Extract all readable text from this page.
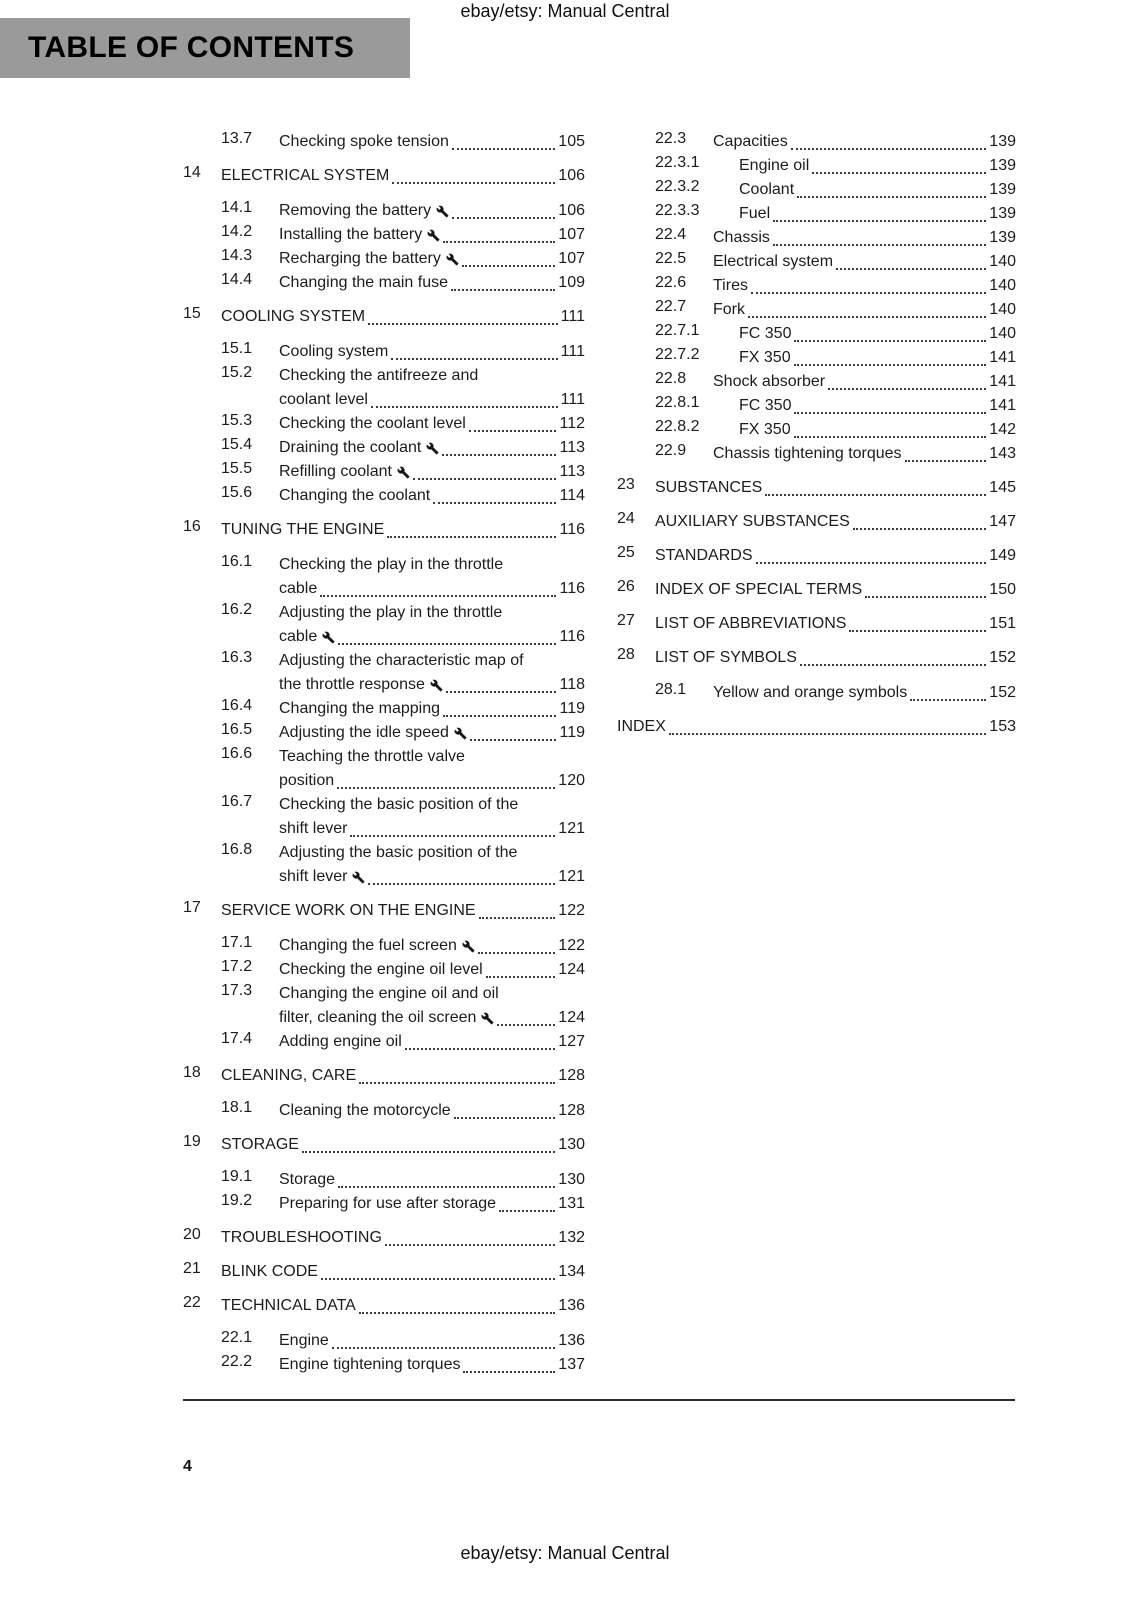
ebay/etsy: Manual Central
TABLE OF CONTENTS
13.7	Checking spoke tension	105
14	ELECTRICAL SYSTEM	106
14.1	Removing the battery	106
14.2	Installing the battery	107
14.3	Recharging the battery	107
14.4	Changing the main fuse	109
15	COOLING SYSTEM	111
15.1	Cooling system	111
15.2	Checking the antifreeze and
coolant level	111
15.3	Checking the coolant level	112
15.4	Draining the coolant	113
15.5	Refilling coolant	113
15.6	Changing the coolant	114
16	TUNING THE ENGINE	116
16.1	Checking the play in the throttle
cable	116
16.2	Adjusting the play in the throttle
cable	116
16.3	Adjusting the characteristic map of
the throttle response	118
16.4	Changing the mapping	119
16.5	Adjusting the idle speed	119
16.6	Teaching the throttle valve
position	120
16.7	Checking the basic position of the
shift lever	121
16.8	Adjusting the basic position of the
shift lever	121
17	SERVICE WORK ON THE ENGINE	122
17.1	Changing the fuel screen	122
17.2	Checking the engine oil level	124
17.3	Changing the engine oil and oil
filter, cleaning the oil screen	124
17.4	Adding engine oil	127
18	CLEANING, CARE	128
18.1	Cleaning the motorcycle	128
19	STORAGE	130
19.1	Storage	130
19.2	Preparing for use after storage	131
20	TROUBLESHOOTING	132
21	BLINK CODE	134
22	TECHNICAL DATA	136
22.1	Engine	136
22.2	Engine tightening torques	137
22.3	Capacities	139
22.3.1	Engine oil	139
22.3.2	Coolant	139
22.3.3	Fuel	139
22.4	Chassis	139
22.5	Electrical system	140
22.6	Tires	140
22.7	Fork	140
22.7.1	FC 350	140
22.7.2	FX 350	141
22.8	Shock absorber	141
22.8.1	FC 350	141
22.8.2	FX 350	142
22.9	Chassis tightening torques	143
23	SUBSTANCES	145
24	AUXILIARY SUBSTANCES	147
25	STANDARDS	149
26	INDEX OF SPECIAL TERMS	150
27	LIST OF ABBREVIATIONS	151
28	LIST OF SYMBOLS	152
28.1	Yellow and orange symbols	152
INDEX	153
4
ebay/etsy: Manual Central
